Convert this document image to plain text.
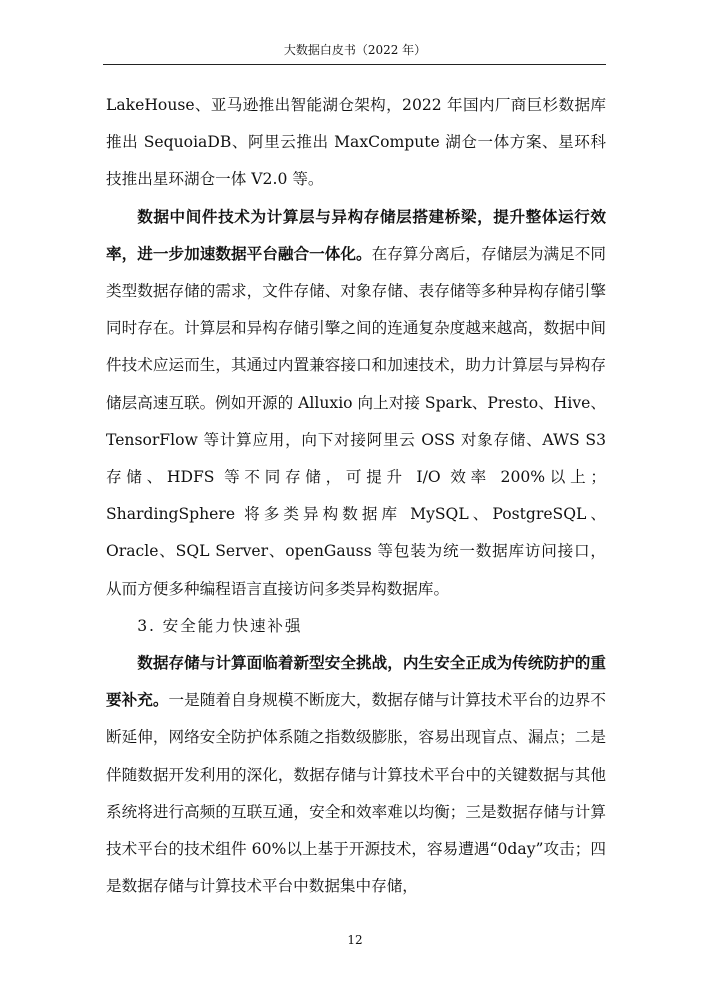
大数据白皮书（2022 年）

LakeHouse、亚马逊推出智能湖仓架构，2022 年国内厂商巨杉数据库推出 SequoiaDB、阿里云推出 MaxCompute 湖仓一体方案、星环科技推出星环湖仓一体 V2.0 等。

数据中间件技术为计算层与异构存储层搭建桥梁，提升整体运行效率，进一步加速数据平台融合一体化。在存算分离后，存储层为满足不同类型数据存储的需求，文件存储、对象存储、表存储等多种异构存储引擎同时存在。计算层和异构存储引擎之间的连通复杂度越来越高，数据中间件技术应运而生，其通过内置兼容接口和加速技术，助力计算层与异构存储层高速互联。例如开源的 Alluxio 向上对接 Spark、Presto、Hive、TensorFlow 等计算应用，向下对接阿里云 OSS 对象存储、AWS S3 存储、HDFS 等不同存储，可提升 I/O 效率 200%以上；ShardingSphere 将多类异构数据库 MySQL、PostgreSQL、Oracle、SQL Server、openGauss 等包装为统一数据库访问接口，从而方便多种编程语言直接访问多类异构数据库。

3. 安全能力快速补强

数据存储与计算面临着新型安全挑战，内生安全正成为传统防护的重要补充。一是随着自身规模不断庞大，数据存储与计算技术平台的边界不断延伸，网络安全防护体系随之指数级膨胀，容易出现盲点、漏点；二是伴随数据开发利用的深化，数据存储与计算技术平台中的关键数据与其他系统将进行高频的互联互通，安全和效率难以均衡；三是数据存储与计算技术平台的技术组件 60%以上基于开源技术，容易遭遇“0day”攻击；四是数据存储与计算技术平台中数据集中存储，

12
